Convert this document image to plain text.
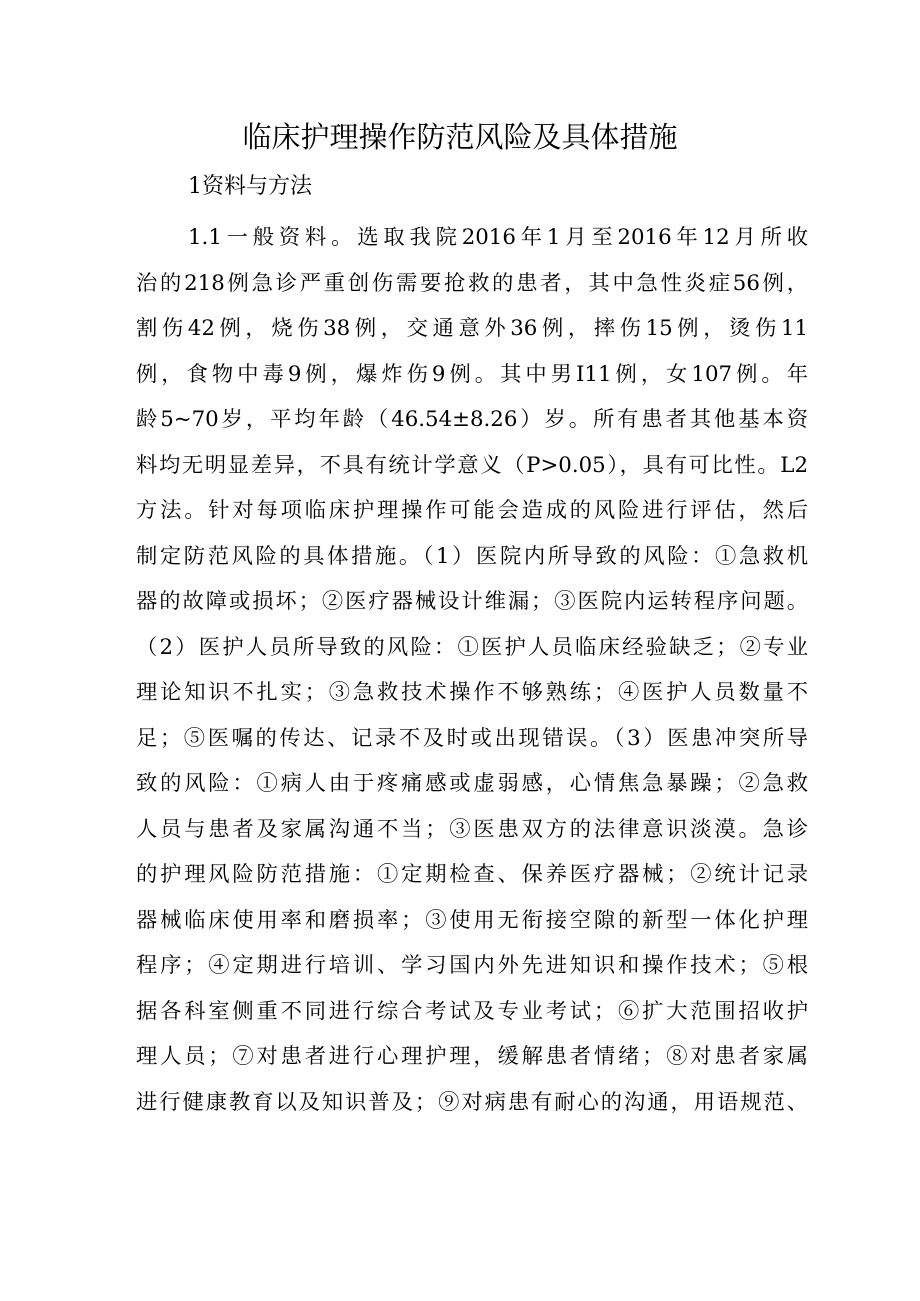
临床护理操作防范风险及具体措施
1资料与方法
1.1一般资料。选取我院2016年1月至2016年12月所收
治的218例急诊严重创伤需要抢救的患者，其中急性炎症56例，
割伤42例，烧伤38例，交通意外36例，摔伤15例，烫伤11
例，食物中毒9例，爆炸伤9例。其中男I11例，女107例。年
龄5~70岁，平均年龄（46.54±8.26）岁。所有患者其他基本资
料均无明显差异，不具有统计学意义（P>0.05），具有可比性。L2
方法。针对每项临床护理操作可能会造成的风险进行评估，然后
制定防范风险的具体措施。（1）医院内所导致的风险：①急救机
器的故障或损坏；②医疗器械设计维漏；③医院内运转程序问题。
（2）医护人员所导致的风险：①医护人员临床经验缺乏；②专业
理论知识不扎实；③急救技术操作不够熟练；④医护人员数量不
足；⑤医嘱的传达、记录不及时或出现错误。（3）医患冲突所导
致的风险：①病人由于疼痛感或虚弱感，心情焦急暴躁；②急救
人员与患者及家属沟通不当；③医患双方的法律意识淡漠。急诊
的护理风险防范措施：①定期检查、保养医疗器械；②统计记录
器械临床使用率和磨损率；③使用无衔接空隙的新型一体化护理
程序；④定期进行培训、学习国内外先进知识和操作技术；⑤根
据各科室侧重不同进行综合考试及专业考试；⑥扩大范围招收护
理人员；⑦对患者进行心理护理，缓解患者情绪；⑧对患者家属
进行健康教育以及知识普及；⑨对病患有耐心的沟通，用语规范、
